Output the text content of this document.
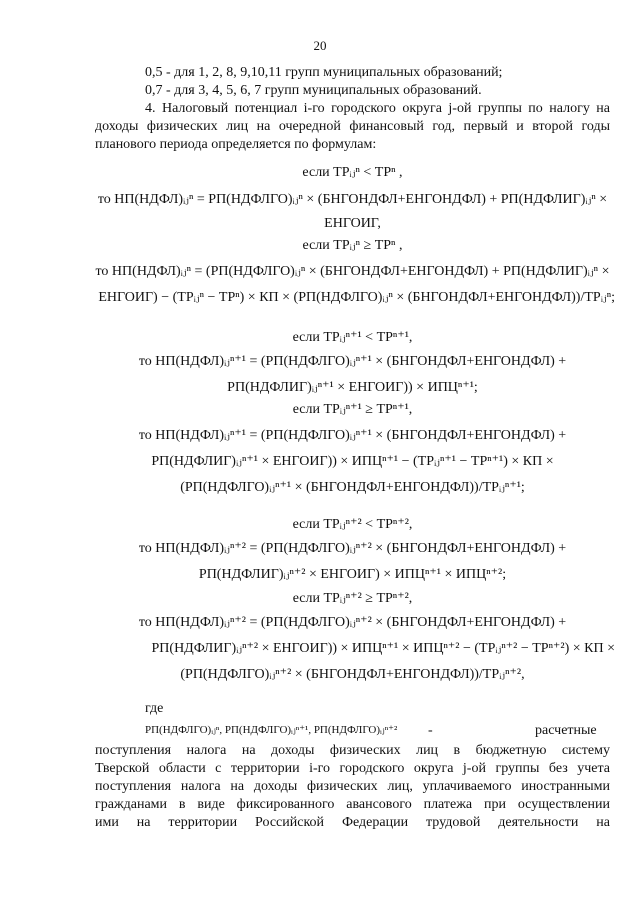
20
0,5 - для 1, 2, 8, 9,10,11 групп муниципальных образований;
0,7 - для 3, 4, 5, 6, 7 групп муниципальных образований.
4. Налоговый потенциал i-го городского округа j-ой группы по налогу на
доходы физических лиц на очередной финансовый год, первый и второй годы
планового периода определяется по формулам:
если ТРᵢⱼⁿ < ТРⁿ ,
то НП(НДФЛ)ᵢⱼⁿ = РП(НДФЛГО)ᵢⱼⁿ × (БНГОНДФЛ+ЕНГОНДФЛ) + РП(НДФЛИГ)ᵢⱼⁿ ×
ЕНГОИГ,
если ТРᵢⱼⁿ ≥ ТРⁿ ,
то НП(НДФЛ)ᵢⱼⁿ = (РП(НДФЛГО)ᵢⱼⁿ × (БНГОНДФЛ+ЕНГОНДФЛ) + РП(НДФЛИГ)ᵢⱼⁿ ×
ЕНГОИГ) − (ТРᵢⱼⁿ − ТРⁿ) × КП × (РП(НДФЛГО)ᵢⱼⁿ × (БНГОНДФЛ+ЕНГОНДФЛ))/ТРᵢⱼⁿ;
если ТРᵢⱼⁿ⁺¹ < ТРⁿ⁺¹,
то НП(НДФЛ)ᵢⱼⁿ⁺¹ = (РП(НДФЛГО)ᵢⱼⁿ⁺¹ × (БНГОНДФЛ+ЕНГОНДФЛ) +
РП(НДФЛИГ)ᵢⱼⁿ⁺¹ × ЕНГОИГ)) × ИПЦⁿ⁺¹;
если ТРᵢⱼⁿ⁺¹ ≥ ТРⁿ⁺¹,
то НП(НДФЛ)ᵢⱼⁿ⁺¹ = (РП(НДФЛГО)ᵢⱼⁿ⁺¹ × (БНГОНДФЛ+ЕНГОНДФЛ) +
РП(НДФЛИГ)ᵢⱼⁿ⁺¹ × ЕНГОИГ)) × ИПЦⁿ⁺¹ − (ТРᵢⱼⁿ⁺¹ − ТРⁿ⁺¹) × КП ×
(РП(НДФЛГО)ᵢⱼⁿ⁺¹ × (БНГОНДФЛ+ЕНГОНДФЛ))/ТРᵢⱼⁿ⁺¹;
если ТРᵢⱼⁿ⁺² < ТРⁿ⁺²,
то НП(НДФЛ)ᵢⱼⁿ⁺² = (РП(НДФЛГО)ᵢⱼⁿ⁺² × (БНГОНДФЛ+ЕНГОНДФЛ) +
РП(НДФЛИГ)ᵢⱼⁿ⁺² × ЕНГОИГ) × ИПЦⁿ⁺¹ × ИПЦⁿ⁺²;
если ТРᵢⱼⁿ⁺² ≥ ТРⁿ⁺²,
то НП(НДФЛ)ᵢⱼⁿ⁺² = (РП(НДФЛГО)ᵢⱼⁿ⁺² × (БНГОНДФЛ+ЕНГОНДФЛ) +
РП(НДФЛИГ)ᵢⱼⁿ⁺² × ЕНГОИГ)) × ИПЦⁿ⁺¹ × ИПЦⁿ⁺² − (ТРᵢⱼⁿ⁺² − ТРⁿ⁺²) × КП ×
(РП(НДФЛГО)ᵢⱼⁿ⁺² × (БНГОНДФЛ+ЕНГОНДФЛ))/ТРᵢⱼⁿ⁺²,
где
РП(НДФЛГО)ᵢⱼⁿ, РП(НДФЛГО)ᵢⱼⁿ⁺¹, РП(НДФЛГО)ᵢⱼⁿ⁺² -	расчетные
поступления налога на доходы физических лиц в бюджетную систему
Тверской области с территории i-го городского округа j-ой группы без учета
поступления налога на доходы физических лиц, уплачиваемого иностранными
гражданами в виде фиксированного авансового платежа при осуществлении
ими на территории Российской Федерации трудовой деятельности на
